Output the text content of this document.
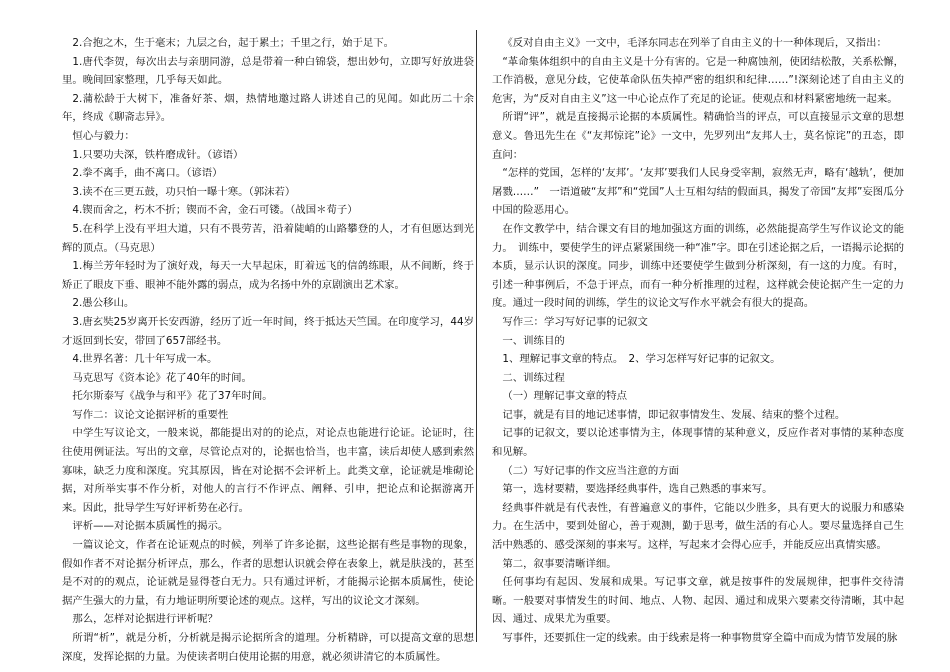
2.合抱之木，生于毫末；九层之台，起于累土；千里之行，始于足下。

1.唐代李贺，每次出去与亲朋同游，总是带着一种白锦袋，想出妙句，立即写好放进袋里。晚间回家整理，几乎每天如此。

2.蒲松龄于大树下，准备好茶、烟，热情地邀过路人讲述自己的见闻。如此历二十余年，终成《聊斋志异》。

恒心与毅力：

1.只要功夫深，铁杵磨成针。（谚语）

2.拳不离手，曲不离口。（谚语）

3.读不在三更五鼓，功只怕一曝十寒。（郭沫若）

4.锲而舍之，朽木不折；锲而不舍，金石可镂。（战国＊荀子）

5.在科学上没有平坦大道，只有不畏劳苦，沿着陡峭的山路攀登的人，才有但愿达到光辉的顶点。（马克思）

1.梅兰芳年轻时为了演好戏，每天一大早起床，盯着远飞的信鸽练眼，从不间断，终于矫正了眼皮下垂、眼神不能外露的弱点，成为名扬中外的京剧演出艺术家。

2.愚公移山。

3.唐玄奘25岁离开长安西游，经历了近一年时间，终于抵达天竺国。在印度学习，44岁才返回到长安，带回了657部经书。

4.世界名著：几十年写成一本。

马克思写《资本论》花了40年的时间。

托尔斯泰写《战争与和平》花了37年时间。

写作二：议论文论据评析的重要性

中学生写议论文，一般来说，都能提出对的的论点，对论点也能进行论证。论证时，往往使用例证法。写出的文章，尽管论点对的，论据也恰当，也丰富，读后却使人感到索然寡味，缺乏力度和深度。究其原因，皆在对论据不会评析上。此类文章，论证就是堆砌论据，对所举实事不作分析，对他人的言行不作评点、阐释、引申，把论点和论据游离开来。因此，批导学生写好评析势在必行。

评析——对论据本质属性的揭示。

一篇议论文，作者在论证观点的时候，列举了许多论据，这些论据有些是事物的现象，假如作者不对论据分析评点，那么，作者的思想认识就会停在表象上，就是肤浅的，甚至是不对的的观点，论证就是显得苍白无力。只有通过评析，才能揭示论据本质属性，使论据产生强大的力量，有力地证明所要论述的观点。这样，写出的议论文才深刻。

那么，怎样对论据进行评析呢？

所谓“析”，就是分析，分析就是揭示论据所含的道理。分析精辟，可以提高文章的思想深度，发挥论据的力量。为使读者明白使用论据的用意，就必须讲清它的本质属性。

《反对自由主义》一文中，毛泽东同志在列举了自由主义的十一种体现后，又指出：

“革命集体组织中的自由主义是十分有害的。它是一种腐蚀剂，使团结松散，关系松懈，工作消极，意见分歧，它使革命队伍失掉严密的组织和纪律……”!深刻论述了自由主义的危害，为“反对自由主义”这一中心论点作了充足的论证。使观点和材料紧密地统一起来。

所谓“评”，就是直接揭示论据的本质属性。精确恰当的评点，可以直接显示文章的思想意义。鲁迅先生在《“友邦惊诧”论》一文中，先罗列出“友邦人士，莫名惊诧”的丑态，即直问：

“怎样的党国，怎样的‘友邦’。‘友邦’要我们人民身受宰割，寂然无声，略有‘越轨’，便加屠戮……”　一语道破“友邦”和“党国”人士互相勾结的假面具，揭发了帝国“友邦”妄图瓜分中国的险恶用心。

在作文教学中，结合课文有目的地加强这方面的训练，必然能提高学生写作议论文的能力。　训练中，要使学生的评点紧紧围绕一种“准”字。即在引述论据之后，一语揭示论据的本质，显示认识的深度。同步，训练中还要使学生做到分析深刻，有一这的力度。有时，引述一种事例后，不急于评点，而有一种分析推理的过程，这样就会使论据产生一定的力度。通过一段时间的训练，学生的议论文写作水平就会有很大的提高。

写作三：学习写好记事的记叙文

一、训练目的

1、理解记事文章的特点。　2、学习怎样写好记事的记叙文。

二、训练过程

（一）理解记事文章的特点

记事，就是有目的地记述事情，即记叙事情发生、发展、结束的整个过程。

记事的记叙文，要以论述事情为主，体现事情的某种意义，反应作者对事情的某种态度和见解。

（二）写好记事的作文应当注意的方面

第一，选材要精，要选择经典事件，选自己熟悉的事来写。

经典事件就是有代表性，有普遍意义的事件，它能以少胜多，具有更大的说服力和感染力。在生活中，要到处留心，善于观测，勤于思考，做生活的有心人。要尽量选择自己生活中熟悉的、感受深刻的事来写。这样，写起来才会得心应手，并能反应出真情实感。

第二，叙事要清晰详细。

任何事均有起因、发展和成果。写记事文章，就是按事件的发展规律，把事件交待清晰。一般要对事情发生的时间、地点、人物、起因、通过和成果六要素交待清晰，其中起因、通过、成果尤为重要。

写事件，还要抓住一定的线索。由于线索是将一种事物贯穿全篇中而成为情节发展的脉
